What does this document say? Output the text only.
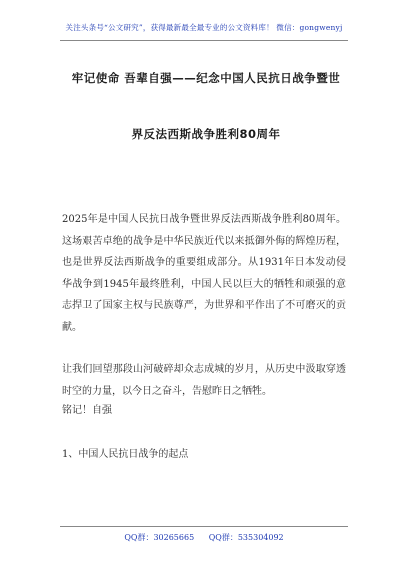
关注头条号“公文研究”，获得最新最全最专业的公文资料库！ 微信：gongwenyj
牢记使命 吾辈自强——纪念中国人民抗日战争暨世
界反法西斯战争胜利80周年
2025年是中国人民抗日战争暨世界反法西斯战争胜利80周年。这场艰苦卓绝的战争是中华民族近代以来抵御外侮的辉煌历程，也是世界反法西斯战争的重要组成部分。从1931年日本发动侵华战争到1945年最终胜利，中国人民以巨大的牺牲和顽强的意志捍卫了国家主权与民族尊严，为世界和平作出了不可磨灭的贡献。
让我们回望那段山河破碎却众志成城的岁月，从历史中汲取穿透时空的力量，以今日之奋斗，告慰昨日之牺牲。
铭记！自强
1、中国人民抗日战争的起点
QQ群：30265665 QQ群：535304092
